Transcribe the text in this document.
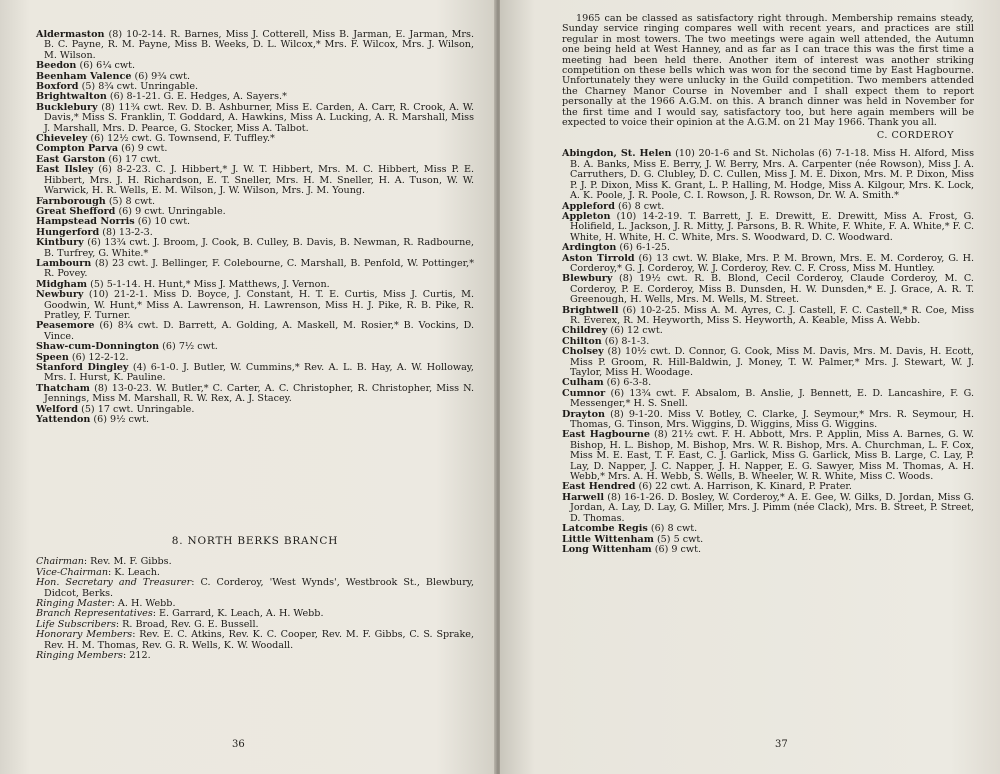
Aldermaston (8) 10-2-14. R. Barnes, Miss J. Cotterell, Miss B. Jarman, E. Jarman, Mrs. B. C. Payne, R. M. Payne, Miss B. Weeks, D. L. Wilcox,* Mrs. F. Wilcox, Mrs. J. Wilson, M. Wilson.

Beedon (6) 6¼ cwt.

Beenham Valence (6) 9¾ cwt.

Boxford (5) 8¾ cwt. Unringable.

Brightwalton (6) 8-1-21. G. E. Hedges, A. Sayers.*

Bucklebury (8) 11¾ cwt. Rev. D. B. Ashburner, Miss E. Carden, A. Carr, R. Crook, A. W. Davis,* Miss S. Franklin, T. Goddard, A. Hawkins, Miss A. Lucking, A. R. Marshall, Miss J. Marshall, Mrs. D. Pearce, G. Stocker, Miss A. Talbot.

Chieveley (6) 12½ cwt. G. Townsend, F. Tuffley.*

Compton Parva (6) 9 cwt.

East Garston (6) 17 cwt.

East Ilsley (6) 8-2-23. C. J. Hibbert,* J. W. T. Hibbert, Mrs. M. C. Hibbert, Miss P. E. Hibbert, Mrs. J. H. Richardson, E. T. Sneller, Mrs. H. M. Sneller, H. A. Tuson, W. W. Warwick, H. R. Wells, E. M. Wilson, J. W. Wilson, Mrs. J. M. Young.

Farnborough (5) 8 cwt.

Great Shefford (6) 9 cwt. Unringable.

Hampstead Norris (6) 10 cwt.

Hungerford (8) 13-2-3.

Kintbury (6) 13¾ cwt. J. Broom, J. Cook, B. Culley, B. Davis, B. Newman, R. Radbourne, B. Turfrey, G. White.*

Lambourn (8) 23 cwt. J. Bellinger, F. Colebourne, C. Marshall, B. Penfold, W. Pottinger,* R. Povey.

Midgham (5) 5-1-14. H. Hunt,* Miss J. Matthews, J. Vernon.

Newbury (10) 21-2-1. Miss D. Boyce, J. Constant, H. T. E. Curtis, Miss J. Curtis, M. Goodwin, W. Hunt,* Miss A. Lawrenson, H. Lawrenson, Miss H. J. Pike, R. B. Pike, R. Pratley, F. Turner.

Peasemore (6) 8¾ cwt. D. Barrett, A. Golding, A. Maskell, M. Rosier,* B. Vockins, D. Vince.

Shaw-cum-Donnington (6) 7½ cwt.

Speen (6) 12-2-12.

Stanford Dingley (4) 6-1-0. J. Butler, W. Cummins,* Rev. A. L. B. Hay, A. W. Holloway, Mrs. I. Hurst, K. Pauline.

Thatcham (8) 13-0-23. W. Butler,* C. Carter, A. C. Christopher, R. Christopher, Miss N. Jennings, Miss M. Marshall, R. W. Rex, A. J. Stacey.

Welford (5) 17 cwt. Unringable.

Yattendon (6) 9½ cwt.

8. NORTH BERKS BRANCH

Chairman: Rev. M. F. Gibbs.

Vice-Chairman: K. Leach.

Hon. Secretary and Treasurer: C. Corderoy, 'West Wynds', Westbrook St., Blewbury, Didcot, Berks.

Ringing Master: A. H. Webb.

Branch Representatives: E. Garrard, K. Leach, A. H. Webb.

Life Subscribers: R. Broad, Rev. G. E. Bussell.

Honorary Members: Rev. E. C. Atkins, Rev. K. C. Cooper, Rev. M. F. Gibbs, C. S. Sprake, Rev. H. M. Thomas, Rev. G. R. Wells, K. W. Woodall.

Ringing Members: 212.

36

1965 can be classed as satisfactory right through. Membership remains steady, Sunday service ringing compares well with recent years, and practices are still regular in most towers. The two meetings were again well attended, the Autumn one being held at West Hanney, and as far as I can trace this was the first time a meeting had been held there. Another item of interest was another striking competition on these bells which was won for the second time by East Hagbourne. Unfortunately they were unlucky in the Guild competition. Two members attended the Charney Manor Course in November and I shall expect them to report personally at the 1966 A.G.M. on this. A branch dinner was held in November for the first time and I would say, satisfactory too, but here again members will be expected to voice their opinion at the A.G.M. on 21 May 1966. Thank you all.

C. CORDEROY

Abingdon, St. Helen (10) 20-1-6 and St. Nicholas (6) 7-1-18. Miss H. Alford, Miss B. A. Banks, Miss E. Berry, J. W. Berry, Mrs. A. Carpenter (née Rowson), Miss J. A. Carruthers, D. G. Clubley, D. C. Cullen, Miss J. M. E. Dixon, Mrs. M. P. Dixon, Miss P. J. P. Dixon, Miss K. Grant, L. P. Halling, M. Hodge, Miss A. Kilgour, Mrs. K. Lock, A. K. Poole, J. R. Poole, C. I. Rowson, J. R. Rowson, Dr. W. A. Smith.*

Appleford (6) 8 cwt.

Appleton (10) 14-2-19. T. Barrett, J. E. Drewitt, E. Drewitt, Miss A. Frost, G. Holifield, L. Jackson, J. R. Mitty, J. Parsons, B. R. White, F. White, F. A. White,* F. C. White, H. White, H. C. White, Mrs. S. Woodward, D. C. Woodward.

Ardington (6) 6-1-25.

Aston Tirrold (6) 13 cwt. W. Blake, Mrs. P. M. Brown, Mrs. E. M. Corderoy, G. H. Corderoy,* G. J. Corderoy, W. J. Corderoy, Rev. C. F. Cross, Miss M. Huntley.

Blewbury (8) 19½ cwt. R. B. Blond, Cecil Corderoy, Claude Corderoy, M. C. Corderoy, P. E. Corderoy, Miss B. Dunsden, H. W. Dunsden,* E. J. Grace, A. R. T. Greenough, H. Wells, Mrs. M. Wells, M. Street.

Brightwell (6) 10-2-25. Miss A. M. Ayres, C. J. Castell, F. C. Castell,* R. Coe, Miss R. Everex, R. M. Heyworth, Miss S. Heyworth, A. Keable, Miss A. Webb.

Childrey (6) 12 cwt.

Chilton (6) 8-1-3.

Cholsey (8) 10½ cwt. D. Connor, G. Cook, Miss M. Davis, Mrs. M. Davis, H. Ecott, Miss P. Groom, R. Hill-Baldwin, J. Money, T. W. Palmer,* Mrs. J. Stewart, W. J. Taylor, Miss H. Woodage.

Culham (6) 6-3-8.

Cumnor (6) 13¾ cwt. F. Absalom, B. Anslie, J. Bennett, E. D. Lancashire, F. G. Messenger,* H. S. Snell.

Drayton (8) 9-1-20. Miss V. Botley, C. Clarke, J. Seymour,* Mrs. R. Seymour, H. Thomas, G. Tinson, Mrs. Wiggins, D. Wiggins, Miss G. Wiggins.

East Hagbourne (8) 21½ cwt. F. H. Abbott, Mrs. P. Applin, Miss A. Barnes, G. W. Bishop, H. L. Bishop, M. Bishop, Mrs. W. R. Bishop, Mrs. A. Churchman, L. F. Cox, Miss M. E. East, T. F. East, C. J. Garlick, Miss G. Garlick, Miss B. Large, C. Lay, P. Lay, D. Napper, J. C. Napper, J. H. Napper, E. G. Sawyer, Miss M. Thomas, A. H. Webb,* Mrs. A. H. Webb, S. Wells, B. Wheeler, W. R. White, Miss C. Woods.

East Hendred (6) 22 cwt. A. Harrison, K. Kinard, P. Prater.

Harwell (8) 16-1-26. D. Bosley, W. Corderoy,* A. E. Gee, W. Gilks, D. Jordan, Miss G. Jordan, A. Lay, D. Lay, G. Miller, Mrs. J. Pimm (née Clack), Mrs. B. Street, P. Street, D. Thomas.

Latcombe Regis (6) 8 cwt.

Little Wittenham (5) 5 cwt.

Long Wittenham (6) 9 cwt.

37
